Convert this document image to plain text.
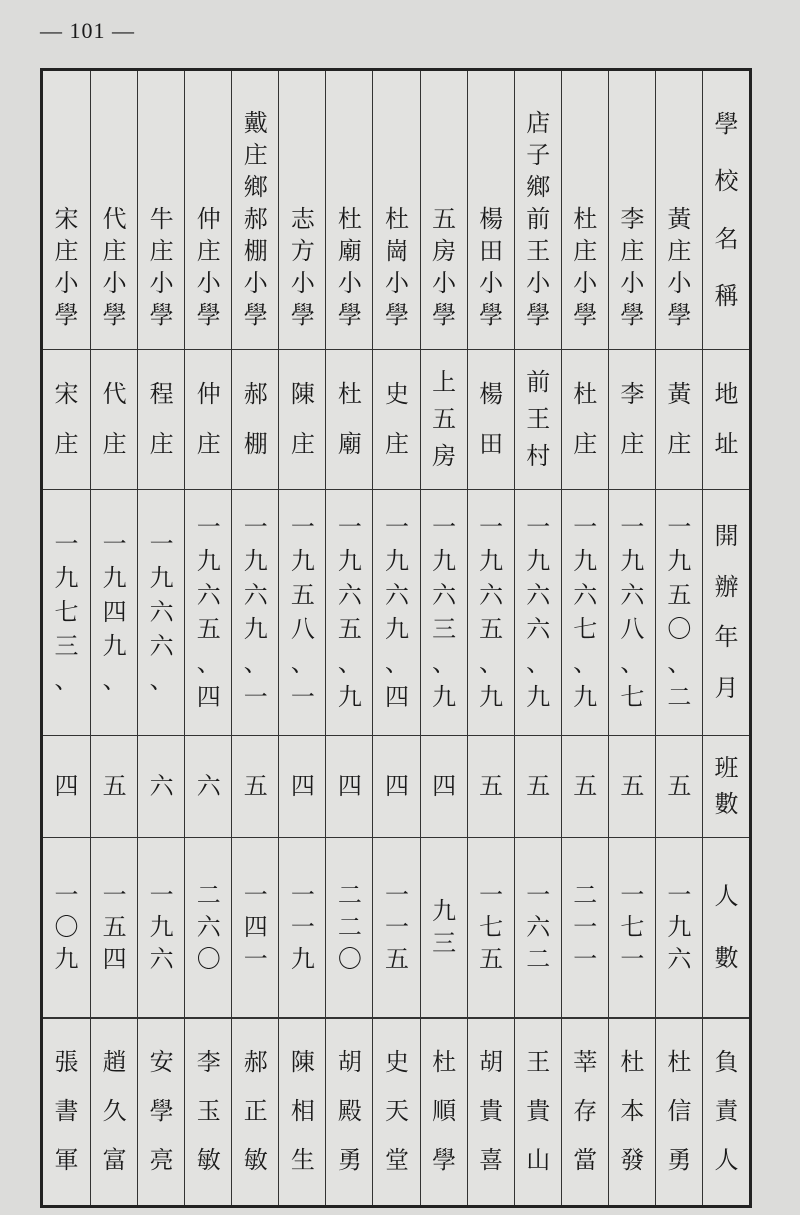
— 101 —
學
校
名
稱
地
址
開
辦
年
月
班
數
人
數
負
責
人
黃
庄
小
學
黃
庄
一
九
五
〇
、
二
五
一
九
六
杜
信
勇
李
庄
小
學
李
庄
一
九
六
八
、
七
五
一
七
一
杜
本
發
杜
庄
小
學
杜
庄
一
九
六
七
、
九
五
二
一
一
莘
存
當
店
子
鄉
前
王
小
學
前
王
村
一
九
六
六
、
九
五
一
六
二
王
貴
山
楊
田
小
學
楊
田
一
九
六
五
、
九
五
一
七
五
胡
貴
喜
五
房
小
學
上
五
房
一
九
六
三
、
九
四
九
三
杜
順
學
杜
崗
小
學
史
庄
一
九
六
九
、
四
四
一
一
五
史
天
堂
杜
廟
小
學
杜
廟
一
九
六
五
、
九
四
二
二
〇
胡
殿
勇
志
方
小
學
陳
庄
一
九
五
八
、
一
四
一
一
九
陳
相
生
戴
庄
鄉
郝
棚
小
學
郝
棚
一
九
六
九
、
一
五
一
四
一
郝
正
敏
仲
庄
小
學
仲
庄
一
九
六
五
、
四
六
二
六
〇
李
玉
敏
牛
庄
小
學
程
庄
一
九
六
六
、
六
一
九
六
安
學
亮
代
庄
小
學
代
庄
一
九
四
九
、
五
一
五
四
趙
久
富
宋
庄
小
學
宋
庄
一
九
七
三
、
四
一
〇
九
張
書
軍
